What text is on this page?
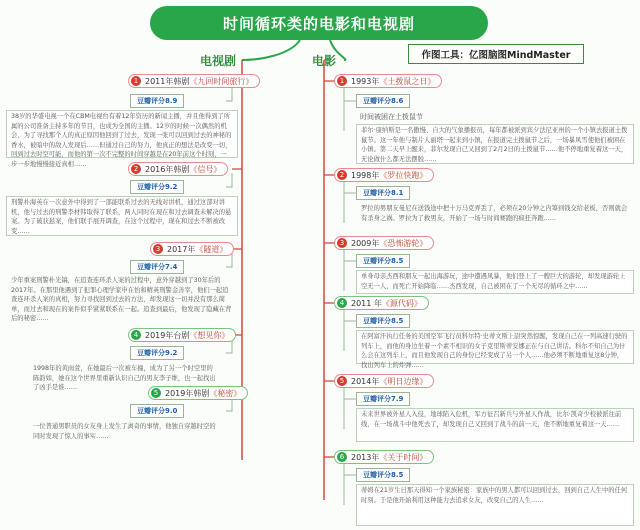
时间循环类的电影和电视剧
作图工具：亿图脑图MindMaster
电视剧	电影
1 2011年韩剧 《九回时间旅行》
豆瓣评分8.9
38岁的华盛电视一个在CBM电视台有着12年资历的新闻主播，并且他得到了所属的公司准备主持多年的节目，也成为全国的主播。12岁的时候一次偶然的机会，为了寻找那个人的真正原因他回到了过去，发现一张可以回到过去的神秘的香水，被暗中的敌人发现后……但通过自己的努力，他真正的想法是改变一切，回到过去时空可能，而他的第一次不完整的时间穿越是在20年前这个时刻，一步一步地慢慢接近真相……
2 2016年韩剧 《信号》
豆瓣评分9.2
刑警朴海英在一次意外中得到了一部能联系过去的无线对讲机，通过这部对讲机，他与过去的刑警李材韩取得了联系，两人同时在现在和过去调查未解决的悬案。为了破获悬案，他们联手展开调查，在这个过程中，现在和过去不断被改变……
3 2017年 《隧道》
豆瓣评分7.4
少年重案刑警朴光镐，在追查连环杀人案的过程中，意外穿越到了30年后的2017年。在那里他遇到了犯罪心理学家申在怡和精英刑警金善宰，他们一起追查连环杀人案的真相，努力寻找回到过去的方法，却发现这一切并没有那么简单，而过去和现在的案件似乎紧紧联系在一起。追查到最后，他发现了隐藏在背后的秘密……
4 2019年台剧 《想见你》
豆瓣评分9.2
1998年的黄雨萱，在她最后一次被车撞，成为了另一个时空里的陈韵如，她在这个世界里重新认识自己的男友李子维，也一起找出了凶手是谁……
5 2019年韩剧 《秘密》
豆瓣评分9.0
一位普通男职员的女友身上发生了离奇的事情，他独自穿越时空的同时发现了惊人的事实……
1 1993年 《土拨鼠之日》
豆瓣评分8.6
时间被困在土拨鼠节
菲尔·康纳斯是一名傲慢、自大的气象播报员，每年都被派到宾夕法尼亚州的一个小镇去报道土拨鼠节。这一年他与制片人丽塔一起来到小镇，在报道完土拨鼠节之后，一场暴风雪使他们被困在小镇。第二天早上醒来，菲尔发现自己又回到了2月2日的土拨鼠节……他不停地重复着这一天，无论做什么都无法摆脱……
2 1998年 《罗拉快跑》
豆瓣评分8.1
罗拉的男朋友曼尼在送钱途中把十万马克弄丢了，必须在20分钟之内筹到钱交给老板，否则就会有杀身之祸。罗拉为了救男友，开始了一场与时间赛跑的疯狂奔跑……
3 2009年 《恐怖游轮》
豆瓣评分8.5
单身母亲杰西和朋友一起出海游玩，途中遭遇风暴，他们登上了一艘巨大的游轮，却发现游轮上空无一人，而死亡开始降临……杰西发现，自己被困在了一个无尽的循环之中……
4 2011 年 《源代码》
豆瓣评分8.5
在阿富汗执行任务的美国空军飞行员科尔特·史蒂文斯上尉突然惊醒，发现自己在一列高速行驶的列车上，而他的身边坐着一个素不相识的女子克里斯蒂安娜正在与自己讲话。科尔不知自己为什么会在这列车上，而且他发现自己的身份已经变成了另一个人……他必须不断地重复这8分钟，找出列车上的炸弹……
5 2014年 《明日边缘》
豆瓣评分7.9
未来世界被外星人入侵，地球陷入危机，军方征召新兵与外星人作战，比尔·凯奇少校被派往前线，在一场战斗中他死去了，却发现自己又回到了战斗的前一天，他不断地重复着这一天……
6 2013年 《关于时间》
豆瓣评分8.5
蒂姆在21岁生日那天得知一个家族秘密：家族中的男人都可以回到过去，回到自己人生中的任何时刻。于是他开始利用这种能力去追求女友，改变自己的人生……
